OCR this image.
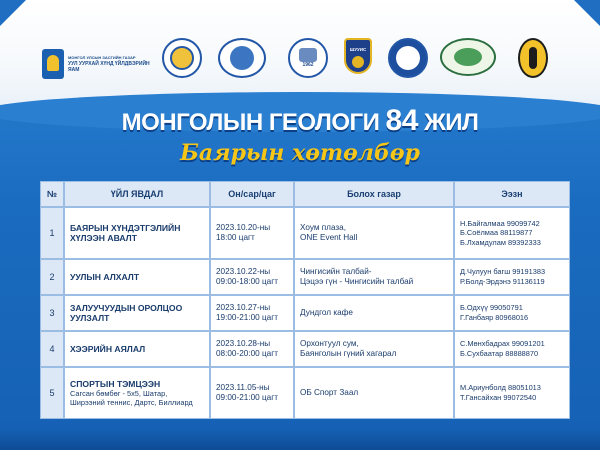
МОНГОЛ УЛСЫН ЗАСГИЙН ГАЗАР
УУЛ УУРХАЙ ХҮНД ҮЙЛДВЭРИЙН ЯАМ
1962
ШУУИС
МОНГОЛЫН ГЕОЛОГИ 84 ЖИЛ
Баярын хөтөлбөр
№	ҮЙЛ ЯВДАЛ	Он/сар/цаг	Болох газар	Ээзн
1	БАЯРЫН ХҮНДЭТГЭЛИЙН
ХҮЛЭЭН АВАЛТ	2023.10.20-ны
18:00 цагт	Хоум плаза,
ONE Event Hall	Н.Байгалмаа 99099742
Б.Соёлмаа 88119877
Б.Лхамдулам 89392333

2	УУЛЫН АЛХАЛТ	2023.10.22-ны
09:00-18:00 цагт	Чингисийн талбай-
Цэцээ гүн - Чингисийн талбай	Д.Чулуун багш 99191383
Р.Болд-Эрдэнэ 91136119

3	ЗАЛУУЧУУДЫН ОРОЛЦОО
УУЛЗАЛТ	2023.10.27-ны
19:00-21:00 цагт	Дундгол кафе	Б.Одхүү 99050791
Г.Ганбаяр 80968016

4	ХЭЭРИЙН АЯЛАЛ	2023.10.28-ны
08:00-20:00 цагт	Орхонтуул сум,
Баянголын гүний хагарал	С.Мөнхбадрах 99091201
Б.Сухбаатар 88888870

5	СПОРТЫН ТЭМЦЭЭН
Сагсан бөмбөг - 5х5, Шатар, Ширээний теннис, Дартс, Биллиард	2023.11.05-ны
09:00-21:00 цагт	ОБ Спорт Заал	М.Ариунболд 88051013
Т.Гансайхан 99072540
